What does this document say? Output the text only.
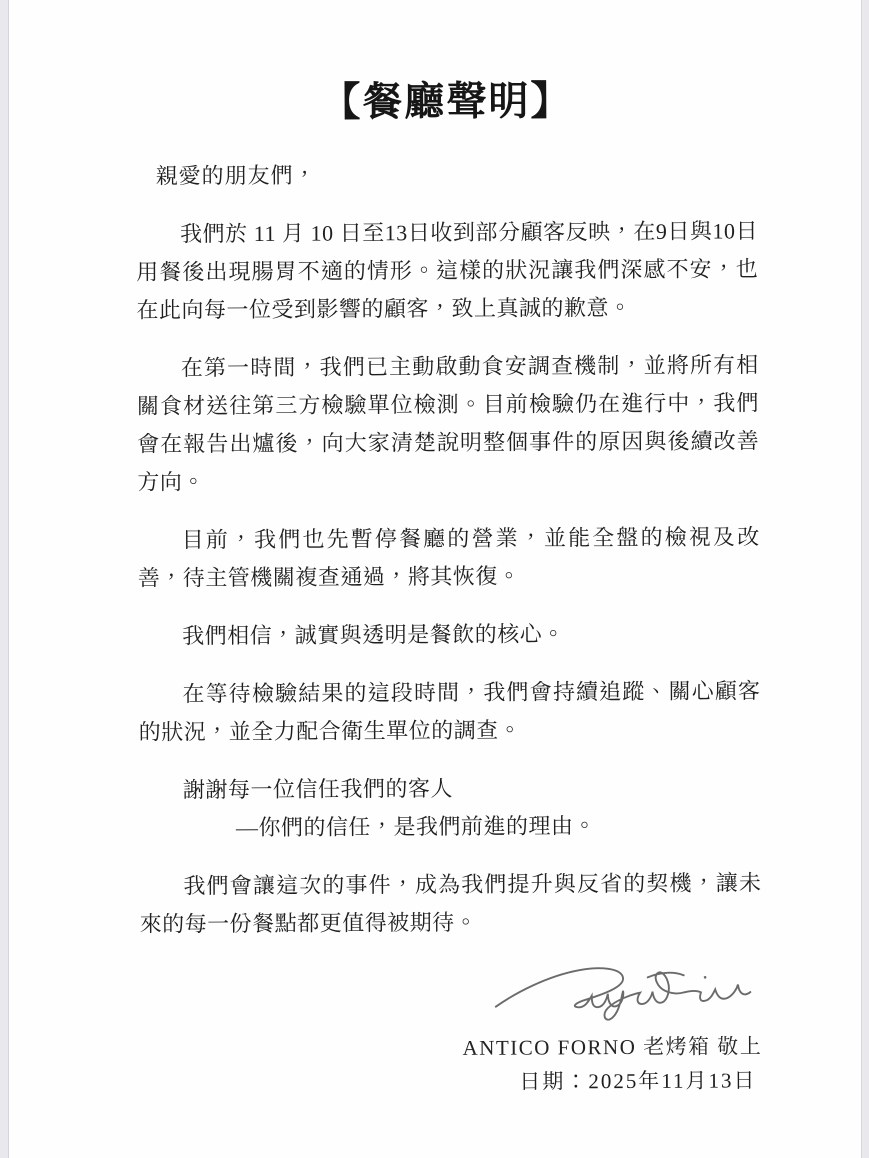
【餐廳聲明】
親愛的朋友們，
我們於 11 月 10 日至13日收到部分顧客反映，在9日與10日用餐後出現腸胃不適的情形。這樣的狀況讓我們深感不安，也在此向每一位受到影響的顧客，致上真誠的歉意。
在第一時間，我們已主動啟動食安調查機制，並將所有相關食材送往第三方檢驗單位檢測。目前檢驗仍在進行中，我們會在報告出爐後，向大家清楚說明整個事件的原因與後續改善方向。
目前，我們也先暫停餐廳的營業，並能全盤的檢視及改善，待主管機關複查通過，將其恢復。
我們相信，誠實與透明是餐飲的核心。
在等待檢驗結果的這段時間，我們會持續追蹤、關心顧客的狀況，並全力配合衛生單位的調查。
謝謝每一位信任我們的客人
—你們的信任，是我們前進的理由。
我們會讓這次的事件，成為我們提升與反省的契機，讓未來的每一份餐點都更值得被期待。
ANTICO FORNO 老烤箱 敬上
日期：2025年11月13日
